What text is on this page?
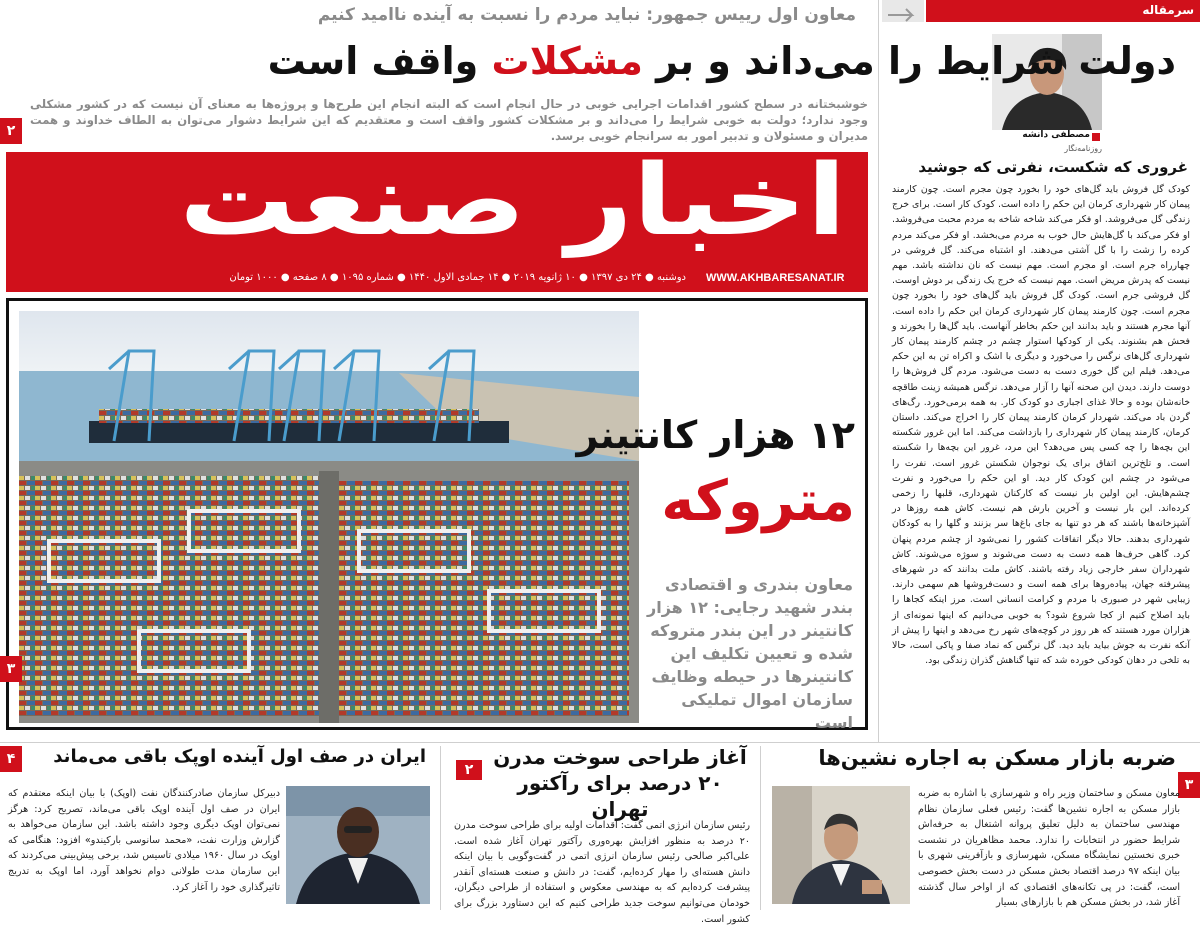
سرمقاله
مصطفی دانشه
روزنامه‌نگار
غروری که شکست، نفرتی که جوشید
کودک گل فروش باید گل‌های خود را بخورد چون مجرم است. چون کارمند پیمان کار شهرداری کرمان این حکم را داده است. کودک کار است. برای خرج زندگی گل می‌فروشد. او فکر می‌کند شاخه شاخه به مردم محبت می‌فروشد. او فکر می‌کند با گل‌هایش حال خوب به مردم می‌بخشد. او فکر می‌کند مردم کرده را زشت را با گل آشتی می‌دهند. او اشتباه می‌کند. گل فروشی در چهارراه جرم است. او مجرم است. مهم نیست که نان نداشته باشد. مهم نیست که پدرش مریض است. مهم نیست که خرج یک زندگی بر دوش اوست. گل فروشی جرم است. کودک گل فروش باید گل‌های خود را بخورد چون مجرم است. چون کارمند پیمان کار شهرداری کرمان این حکم را داده است. آنها مجرم هستند و باید بدانند این حکم بخاطر آنهاست. باید گل‌ها را بخورند و فحش هم بشنوند. یکی از کودکها استوار چشم در چشم کارمند پیمان کار شهرداری گل‌های نرگس را می‌خورد و دیگری با اشک و اکراه تن به این حکم می‌دهد. فیلم این گل خوری دست به دست می‌شود. مردم گل فروش‌ها را دوست دارند. دیدن این صحنه آنها را آزار می‌دهد. نرگس همیشه زینت طاقچه خانه‌شان بوده و حالا غذای اجباری دو کودک کار. به همه برمی‌خورد. رگ‌های گردن باد می‌کند. شهردار کرمان کارمند پیمان کار را اخراج می‌کند. داستان کرمان، کارمند پیمان کار شهرداری را بازداشت می‌کند. اما این غرور شکسته این بچه‌ها را چه کسی پس می‌دهد؟ این مرد، غرور این بچه‌ها را شکسته است. و تلخ‌ترین اتفاق برای یک نوجوان شکستن غرور است. نفرت را می‌شود در چشم این کودک کار دید. او این حکم را می‌خورد و نفرت چشم‌هایش. این اولین بار نیست که کارکنان شهرداری، قلبها را زخمی کرده‌اند. این بار نیست و آخرین بارش هم نیست. کاش همه روزها در آشپزخانه‌ها باشند که هر دو تنها به جای باغ‌ها سر بزنند و گلها را به کودکان شهرداری بدهند. حالا دیگر اتفاقات کشور را نمی‌شود از چشم مردم پنهان کرد. گاهی حرف‌ها همه دست به دست می‌شوند و سوژه می‌شوند. کاش شهرداران سفر خارجی زیاد رفته باشند. کاش ملت بدانند که در شهرهای پیشرفته جهان، پیاده‌روها برای همه است و دست‌فروشها هم سهمی دارند. زیبایی شهر در صبوری با مردم و کرامت انسانی است. مرز اینکه کجاها را باید اصلاح کنیم از کجا شروع شود؟ به خوبی می‌دانیم که اینها نمونه‌ای از هزاران مورد هستند که هر روز در کوچه‌های شهر رخ می‌دهد و اینها را پیش از آنکه نفرت به جوش بیاید باید دید. گل نرگس که نماد صفا و پاکی است، حالا به تلخی در دهان کودکی خورده شد که تنها گناهش گذران زندگی بود.
معاون اول رییس جمهور: نباید مردم را نسبت به آینده ناامید کنیم
دولت شرایط را می‌داند و بر مشکلات واقف است
خوشبختانه در سطح کشور اقدامات اجرایی خوبی در حال انجام است که البته انجام این طرح‌ها و پروژه‌ها به معنای آن نیست که در کشور مشکلی وجود ندارد؛ دولت به خوبی شرایط را می‌داند و بر مشکلات کشور واقف است و معتقدیم که این شرایط دشوار می‌توان به الطاف خداوند و همت مدیران و مسئولان و تدبیر امور به سرانجام خوبی برسد.
۲
اخبار صنعت
WWW.AKHBARESANAT.IR
دوشنبه ● ۲۴ دی ۱۳۹۷ ● ۱۰ ژانویه ۲۰۱۹ ● ۱۴ جمادی الاول ۱۴۴۰ ● شماره ۱۰۹۵ ● ۸ صفحه ● ۱۰۰۰ تومان
۱۲ هزار کانتینر
متروکه
معاون بندری و اقتصادی بندر شهید رجایی: ۱۲ هزار کانتینر در این بندر متروکه شده و تعیین تکلیف این کانتینرها در حیطه وظایف سازمان اموال تملیکی است
۳
ضربه بازار مسکن به اجاره نشین‌ها
۳
معاون مسکن و ساختمان وزیر راه و شهرسازی با اشاره به ضربه بازار مسکن به اجاره نشین‌ها گفت: رئیس فعلی سازمان نظام مهندسی ساختمان به دلیل تعلیق پروانه اشتغال به حرفه‌اش شرایط حضور در انتخابات را ندارد. محمد مظاهریان در نشست خبری نخستین نمایشگاه مسکن، شهرسازی و بازآفرینی شهری با بیان اینکه ۹۷ درصد اقتصاد بخش مسکن در دست بخش خصوصی است، گفت: در پی تکانه‌های اقتصادی که از اواخر سال گذشته آغاز شد، در بخش مسکن هم با بازارهای بسیار
۲
آغاز طراحی سوخت مدرن ۲۰ درصد برای رآکتور تهران
رئیس سازمان انرژی اتمی گفت: اقدامات اولیه برای طراحی سوخت مدرن ۲۰ درصد به منظور افزایش بهره‌وری رآکتور تهران آغاز شده است. علی‌اکبر صالحی رئیس سازمان انرژی اتمی در گفت‌وگویی با بیان اینکه دانش هسته‌ای را مهار کرده‌ایم، گفت: در دانش و صنعت هسته‌ای آنقدر پیشرفت کرده‌ایم که به مهندسی معکوس و استفاده از طراحی دیگران، خودمان می‌توانیم سوخت جدید طراحی کنیم که این دستاورد بزرگ برای کشور است.
ایران در صف اول آینده اوپک باقی می‌ماند
۴
دبیرکل سازمان صادرکنندگان نفت (اوپک) با بیان اینکه معتقدم که ایران در صف اول آینده اوپک باقی می‌ماند، تصریح کرد: هرگز نمی‌توان اوپک دیگری وجود داشته باشد. این سازمان می‌خواهد به گزارش وزارت نفت، «محمد سانوسی بارکیندو» افزود: هنگامی که اوپک در سال ۱۹۶۰ میلادی تاسیس شد، برخی پیش‌بینی می‌کردند که این سازمان مدت طولانی دوام نخواهد آورد، اما اوپک به تدریج تاثیرگذاری خود را آغاز کرد.
